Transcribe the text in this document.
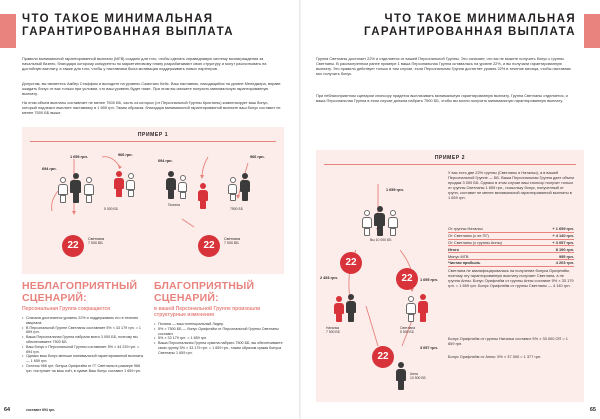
ЧТО ТАКОЕ МИНИМАЛЬНАЯ
ГАРАНТИРОВАННАЯ ВЫПЛАТА

Правило минимальной гарантированной выплаты (МГВ) создано для того, чтобы сделать справедливую систему вознаграждения за начальный бизнес, благодаря которому конкуренты по маркетинговому плану разрабатывают свою структуру и могут рассчитывать на достойную выплату, а также для того, чтобы у наставника была мотивация поддерживать новых партнеров.

Допустим, вы являетесь Амбер Стаффом и выходите на уровень Самстанс Кейс. Ваш наставник, находящийся на уровне Менеджера, вправе ожидать бонус от вас только при условии, что ваш уровень будет ниже. При этом вы сможете получить минимальную гарантированную выплату.

На этом объем выплаты составляет не менее 7500 ББ, часть из которых (от Персональной Группы Кристины) компенсирует ваш бонус, который подлежит выплате наставнику в 1 659 грн. Таким образом, благодаря минимальной гарантированной выплате ваш бонус составит не менее 7500 ББ выше.

ПРИМЕР 1
694 грн.
966 грн.
1 659 грн.
5 000 ББ
22
Светлана
7 000 ББ
694 грн.
966 грн.
Полина
7500 ББ
22
Светлана
7 000 ББ
НЕБЛАГОПРИЯТНЫЙ
СЦЕНАРИЙ:

Персональная Группа сокращается

• Сначала достигается уровень 22% и поддерживать его в течение квартала
• В Персональной Группе Светланы составляет 5% × 33 179 грн. = 1 659 грн.
• Ваша Персональная Группа набрала всего 3 000 ББ, поэтому вы обеспечиваете 7500 ББ
• Ваш бонус с Персональной Группы составляет 5% × 44 239 грн. = 694 грн.
• Однако ваш бонус меньше минимальной гарантированной выплаты — 1 659 грн.
• Остаток 966 грн. бонуса Орифлэйм от ГГ Светланы в размере 966 грн. поступает на ваш счёт, в сумме Ваш бонус составит 1 659 грн.
составит 694 грн.
БЛАГОПРИЯТНЫЙ
СЦЕНАРИЙ:

в вашей Персональной Группе произошли структурные изменения

• Полина — ваш потенциальный Лидер.
• 5% × 7500 ББ — бонус Орифлэйм от Персональной Группы Светланы составит
• 5% × 33 179 грн. = 1 659 грн.
• Ваша Персональная Группа сумела набрать 7500 ББ, вы обеспечиваете свою группу 5% × 33 179 грн. = 1 659 грн., таким образом сумма бонуса Светланы 1 659 грн.
64
ЧТО ТАКОЕ МИНИМАЛЬНАЯ
ГАРАНТИРОВАННАЯ ВЫПЛАТА

Группа Светланы достигает 22% и отделяется от вашей Персональной Группы. Это означает, что вы не можете получить бонус с группы Светланы. В рассмотренном ранее примере 1 ваша Персональная Группа оставалась на уровне 22%, и вы получали гарантированную выплату. Это правило действует только в том случае, если Персональная Группа достигнет уровня 22% в течение месяца, чтобы наставник мог получить бонус.

При неблагоприятном сценарии спонсору придется выплачивать минимальную гарантированную выплату. Группа Светланы отделяется, и ваша Персональная Группа в этом случае должна набрать 7500 ББ, чтобы вы могли получить минимальную гарантированную выплату.

ПРИМЕР 2
Вы 10 000 ББ
22
22
22
Наталья
7 500 ББ
Светлана
5 500 ББ
Анна
10 500 ББ
1 659 грн.
2 493 грн.	1 695 грн.
3 057 грн.

У вас есть две 22% группы (Светланы и Натальи), а в вашей Персональной Группе — ББ. Ваша Персональная Группа дает объем продаж 3 000 ББ. Однако в этом случае ваш спонсор получит только от группы Светланы 1 659 грн., поскольку бонус, полученный от групп, составит не менее минимальной гарантированной выплаты в 1 659 грн.

От группы Натальи	+ 1 659 грн.
От Светланы (с ее ПГ)	+ 4 140 грн.
От Светланы (с группы Анны)	+ 3 057 грн.
Итого	8 190 грн.
Минус МГВ	995 грн.
Чистая прибыль	4 203 грн.

Светлана не квалифицировалась на получение бонуса Орифлэйм, поэтому эту гарантированную выплату получает Светлана, а не группа Анны. Бонус Орифлэйм от группы Анны составит 5% × 33 179 грн. = 1 659 грн. Бонус Орифлэйм от группы Светланы — 4 140 грн.

Бонус Орифлэйм от группы Натальи составит 5% × 33 000 ОП = 1 659 грн.

Бонус Орифлэйм от Анны: 5% × 37 000 = 1 377 грн.

65
